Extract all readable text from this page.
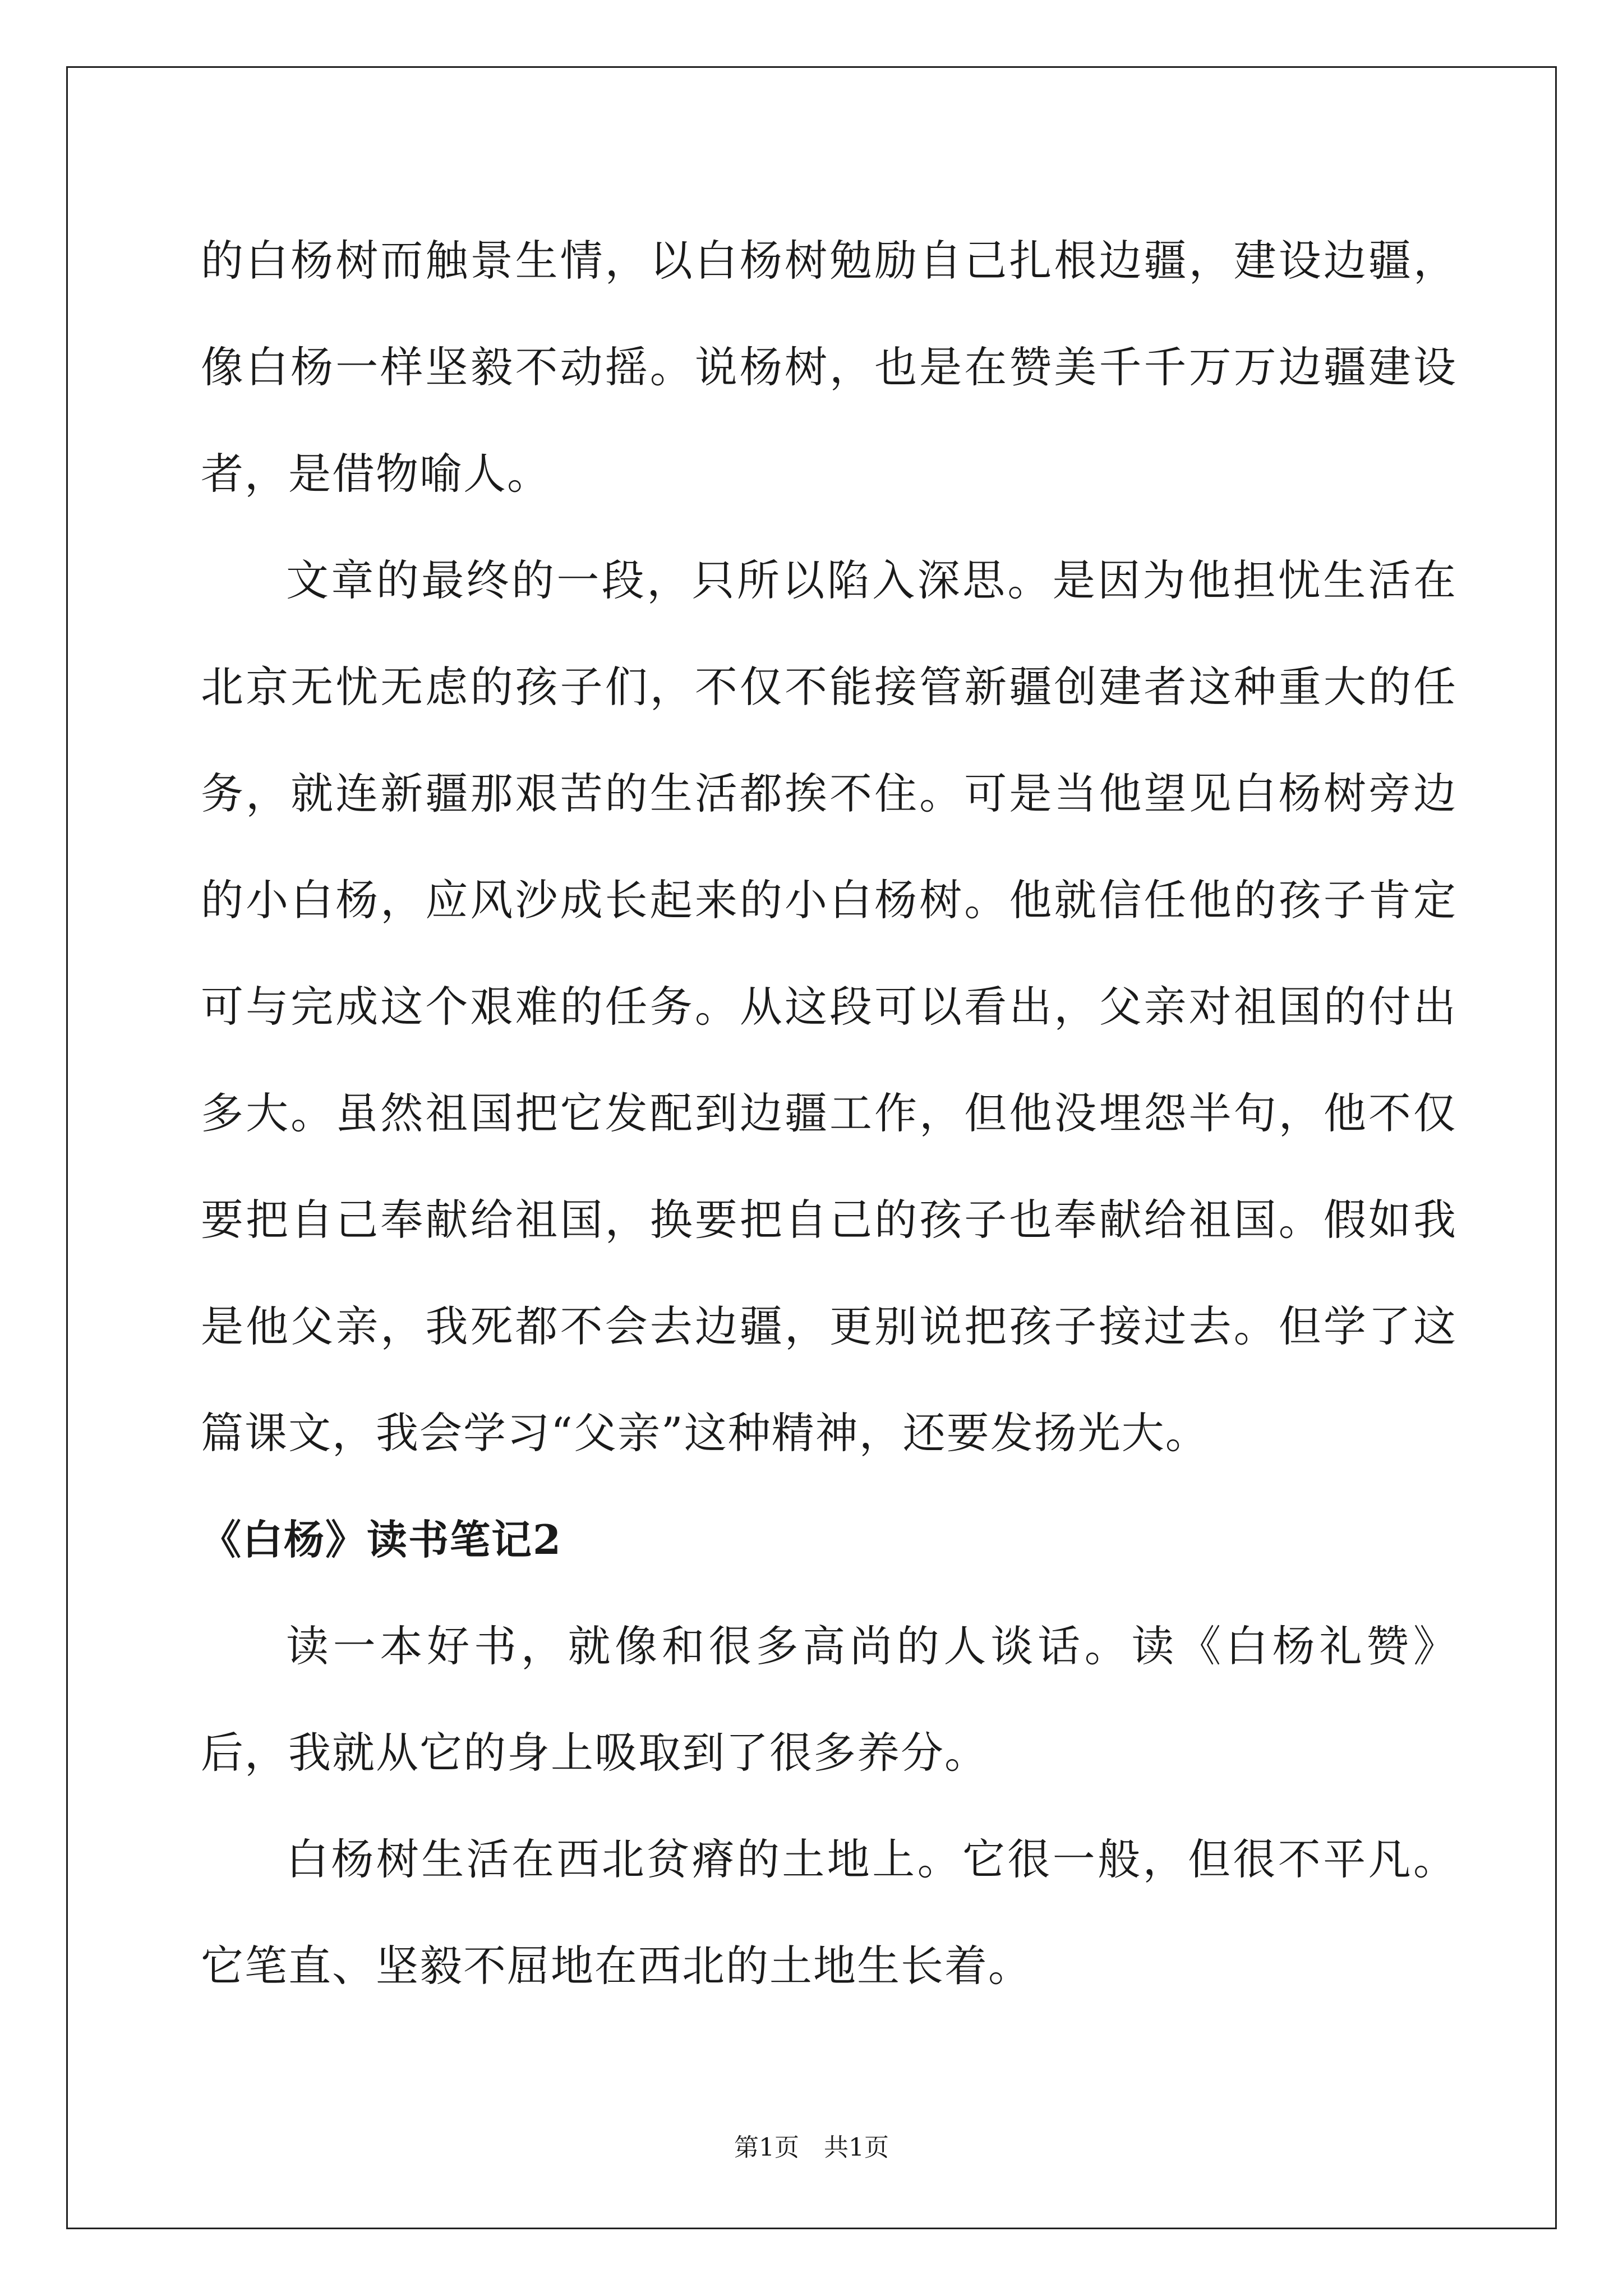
的白杨树而触景生情，以白杨树勉励自己扎根边疆，建设边疆，像白杨一样坚毅不动摇。说杨树，也是在赞美千千万万边疆建设者，是借物喻人。

文章的最终的一段，只所以陷入深思。是因为他担忧生活在北京无忧无虑的孩子们，不仅不能接管新疆创建者这种重大的任务，就连新疆那艰苦的生活都挨不住。可是当他望见白杨树旁边的小白杨，应风沙成长起来的小白杨树。他就信任他的孩子肯定可与完成这个艰难的任务。从这段可以看出，父亲对祖国的付出多大。虽然祖国把它发配到边疆工作，但他没埋怨半句，他不仅要把自己奉献给祖国，换要把自己的孩子也奉献给祖国。假如我是他父亲，我死都不会去边疆，更别说把孩子接过去。但学了这篇课文，我会学习“父亲”这种精神，还要发扬光大。

《白杨》读书笔记2

读一本好书，就像和很多高尚的人谈话。读《白杨礼赞》后，我就从它的身上吸取到了很多养分。

白杨树生活在西北贫瘠的土地上。它很一般，但很不平凡。它笔直、坚毅不屈地在西北的土地生长着。

第1页　共1页
